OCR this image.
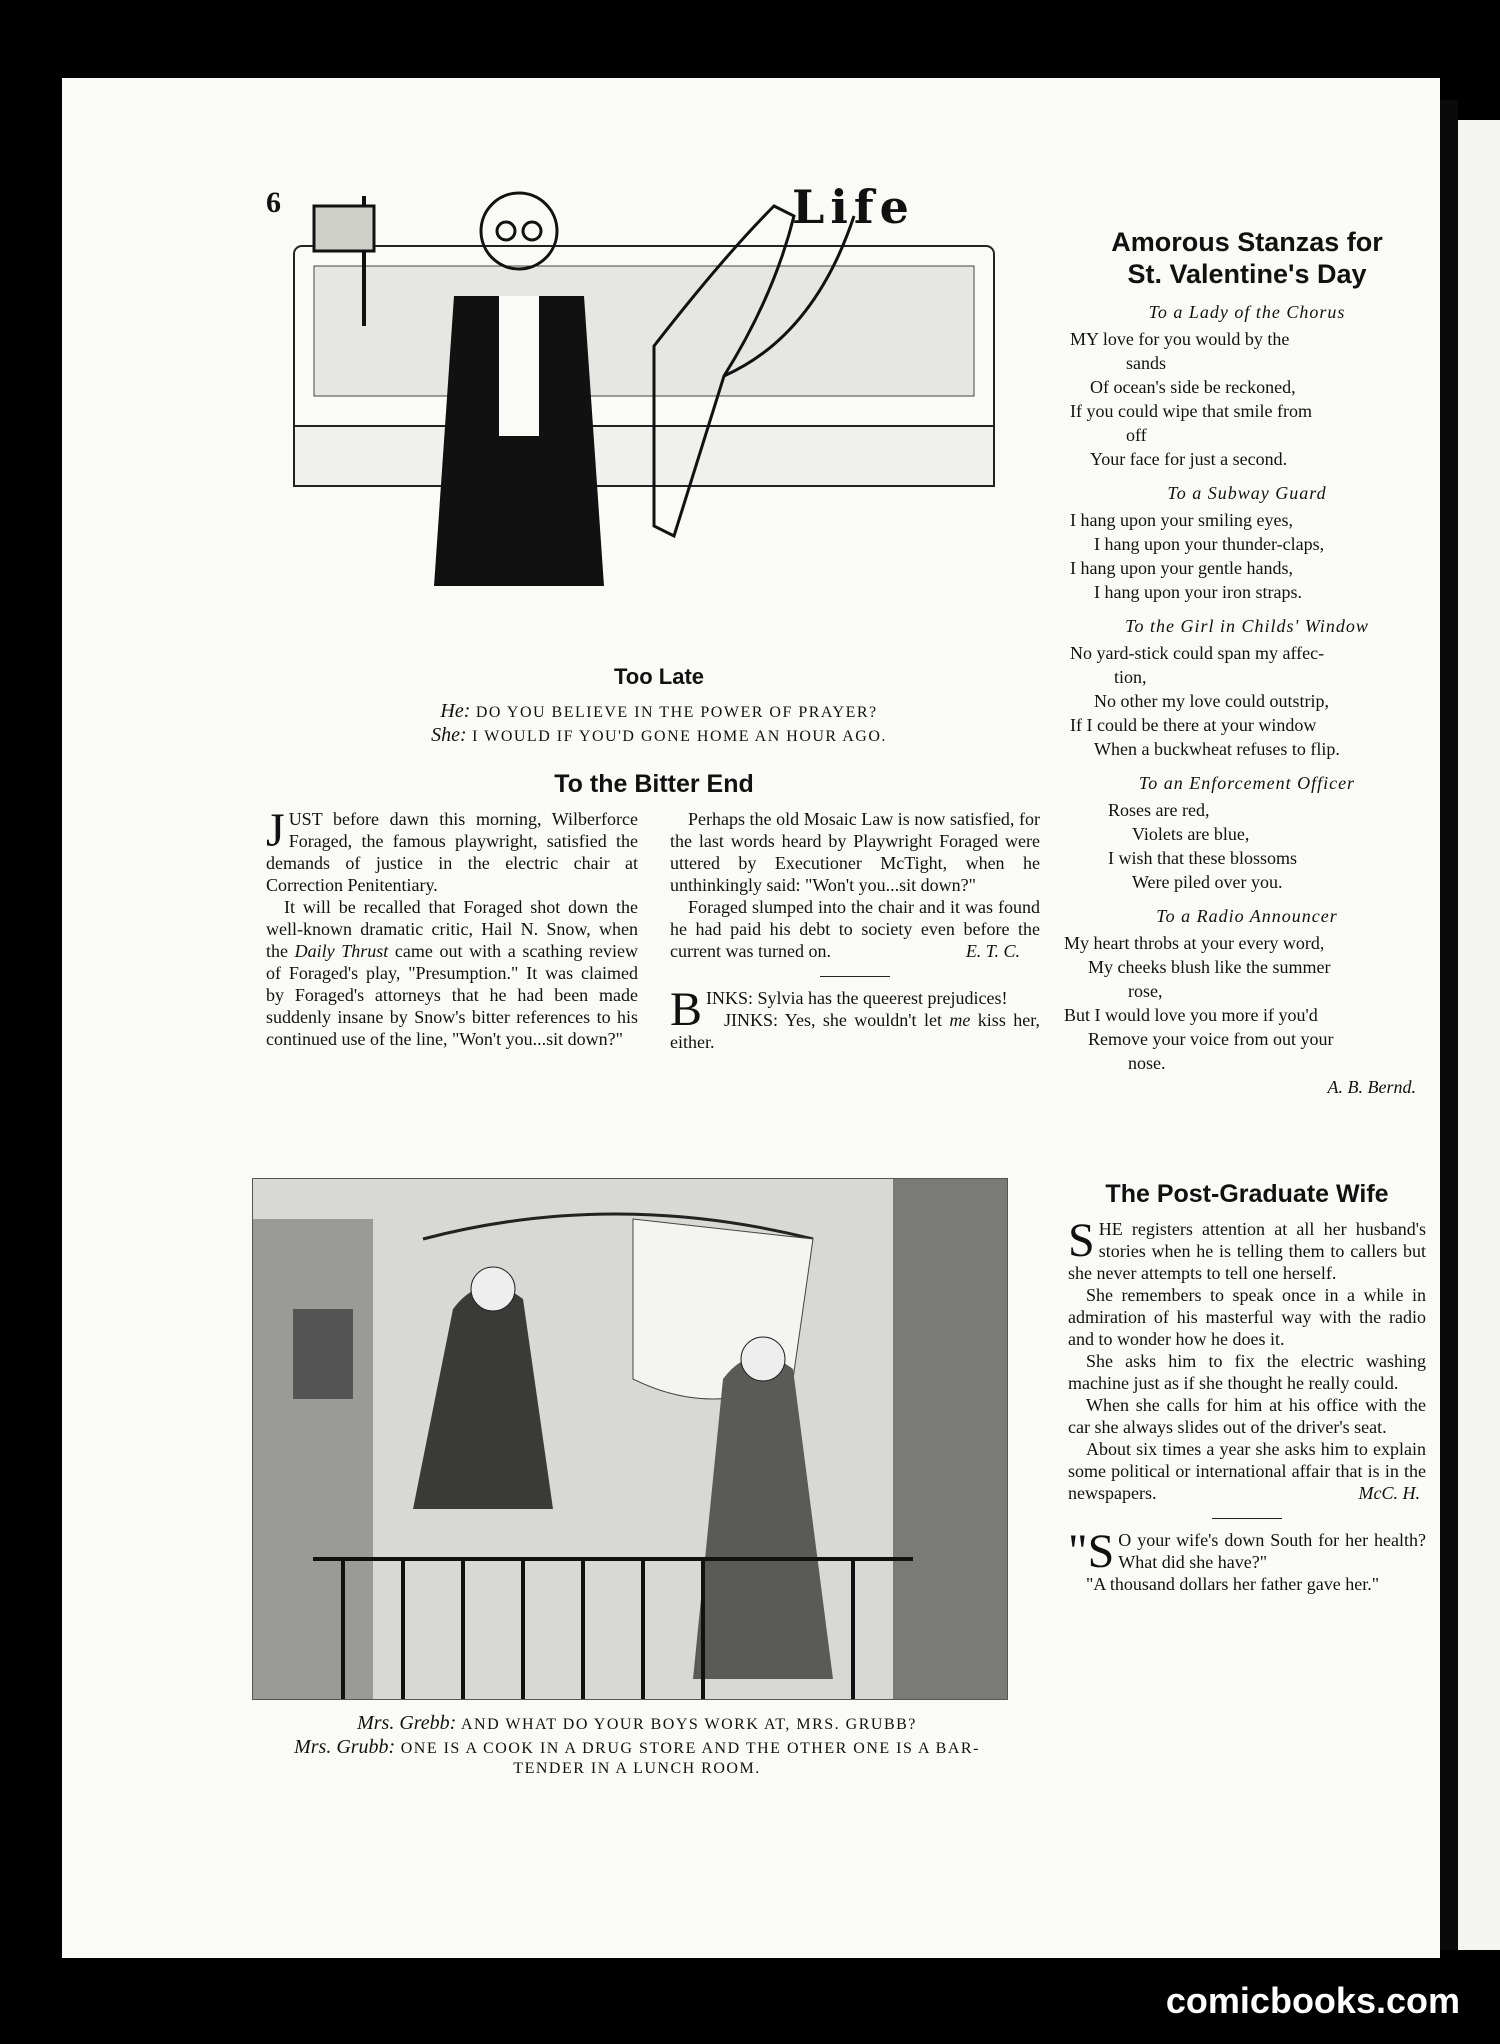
6	Life
Too Late
He: DO YOU BELIEVE IN THE POWER OF PRAYER?
She: I WOULD IF YOU'D GONE HOME AN HOUR AGO.
To the Bitter End

JUST before dawn this morning, Wilberforce Foraged, the famous playwright, satisfied the demands of justice in the electric chair at Correction Penitentiary.

It will be recalled that Foraged shot down the well-known dramatic critic, Hail N. Snow, when the Daily Thrust came out with a scathing review of Foraged's play, "Presumption." It was claimed by Foraged's attorneys that he had been made suddenly insane by Snow's bitter references to his continued use of the line, "Won't you...sit down?"

Perhaps the old Mosaic Law is now satisfied, for the last words heard by Playwright Foraged were uttered by Executioner McTight, when he unthinkingly said: "Won't you...sit down?"

Foraged slumped into the chair and it was found he had paid his debt to society even before the current was turned on.	E. T. C.

BINKS: Sylvia has the queerest prejudices!

JINKS: Yes, she wouldn't let me kiss her, either.

Mrs. Grebb: AND WHAT DO YOUR BOYS WORK AT, MRS. GRUBB?
Mrs. Grubb: ONE IS A COOK IN A DRUG STORE AND THE OTHER ONE IS A BAR-
TENDER IN A LUNCH ROOM.
Amorous Stanzas for
St. Valentine's Day
To a Lady of the Chorus
MY love for you would by the
sands
Of ocean's side be reckoned,
If you could wipe that smile from
off
Your face for just a second.
To a Subway Guard
I hang upon your smiling eyes,
I hang upon your thunder-claps,
I hang upon your gentle hands,
I hang upon your iron straps.
To the Girl in Childs' Window
No yard-stick could span my affec-
tion,
No other my love could outstrip,
If I could be there at your window
When a buckwheat refuses to flip.
To an Enforcement Officer
Roses are red,
Violets are blue,
I wish that these blossoms
Were piled over you.
To a Radio Announcer
My heart throbs at your every word,
My cheeks blush like the summer
rose,
But I would love you more if you'd
Remove your voice from out your
nose.
A. B. Bernd.
The Post-Graduate Wife

SHE registers attention at all her husband's stories when he is telling them to callers but she never attempts to tell one herself.

She remembers to speak once in a while in admiration of his masterful way with the radio and to wonder how he does it.

She asks him to fix the electric washing machine just as if she thought he really could.

When she calls for him at his office with the car she always slides out of the driver's seat.

About six times a year she asks him to explain some political or international affair that is in the newspapers.	McC. H.

"S O your wife's down South for her health? What did she have?"

"A thousand dollars her father gave her."

comicbooks.com
